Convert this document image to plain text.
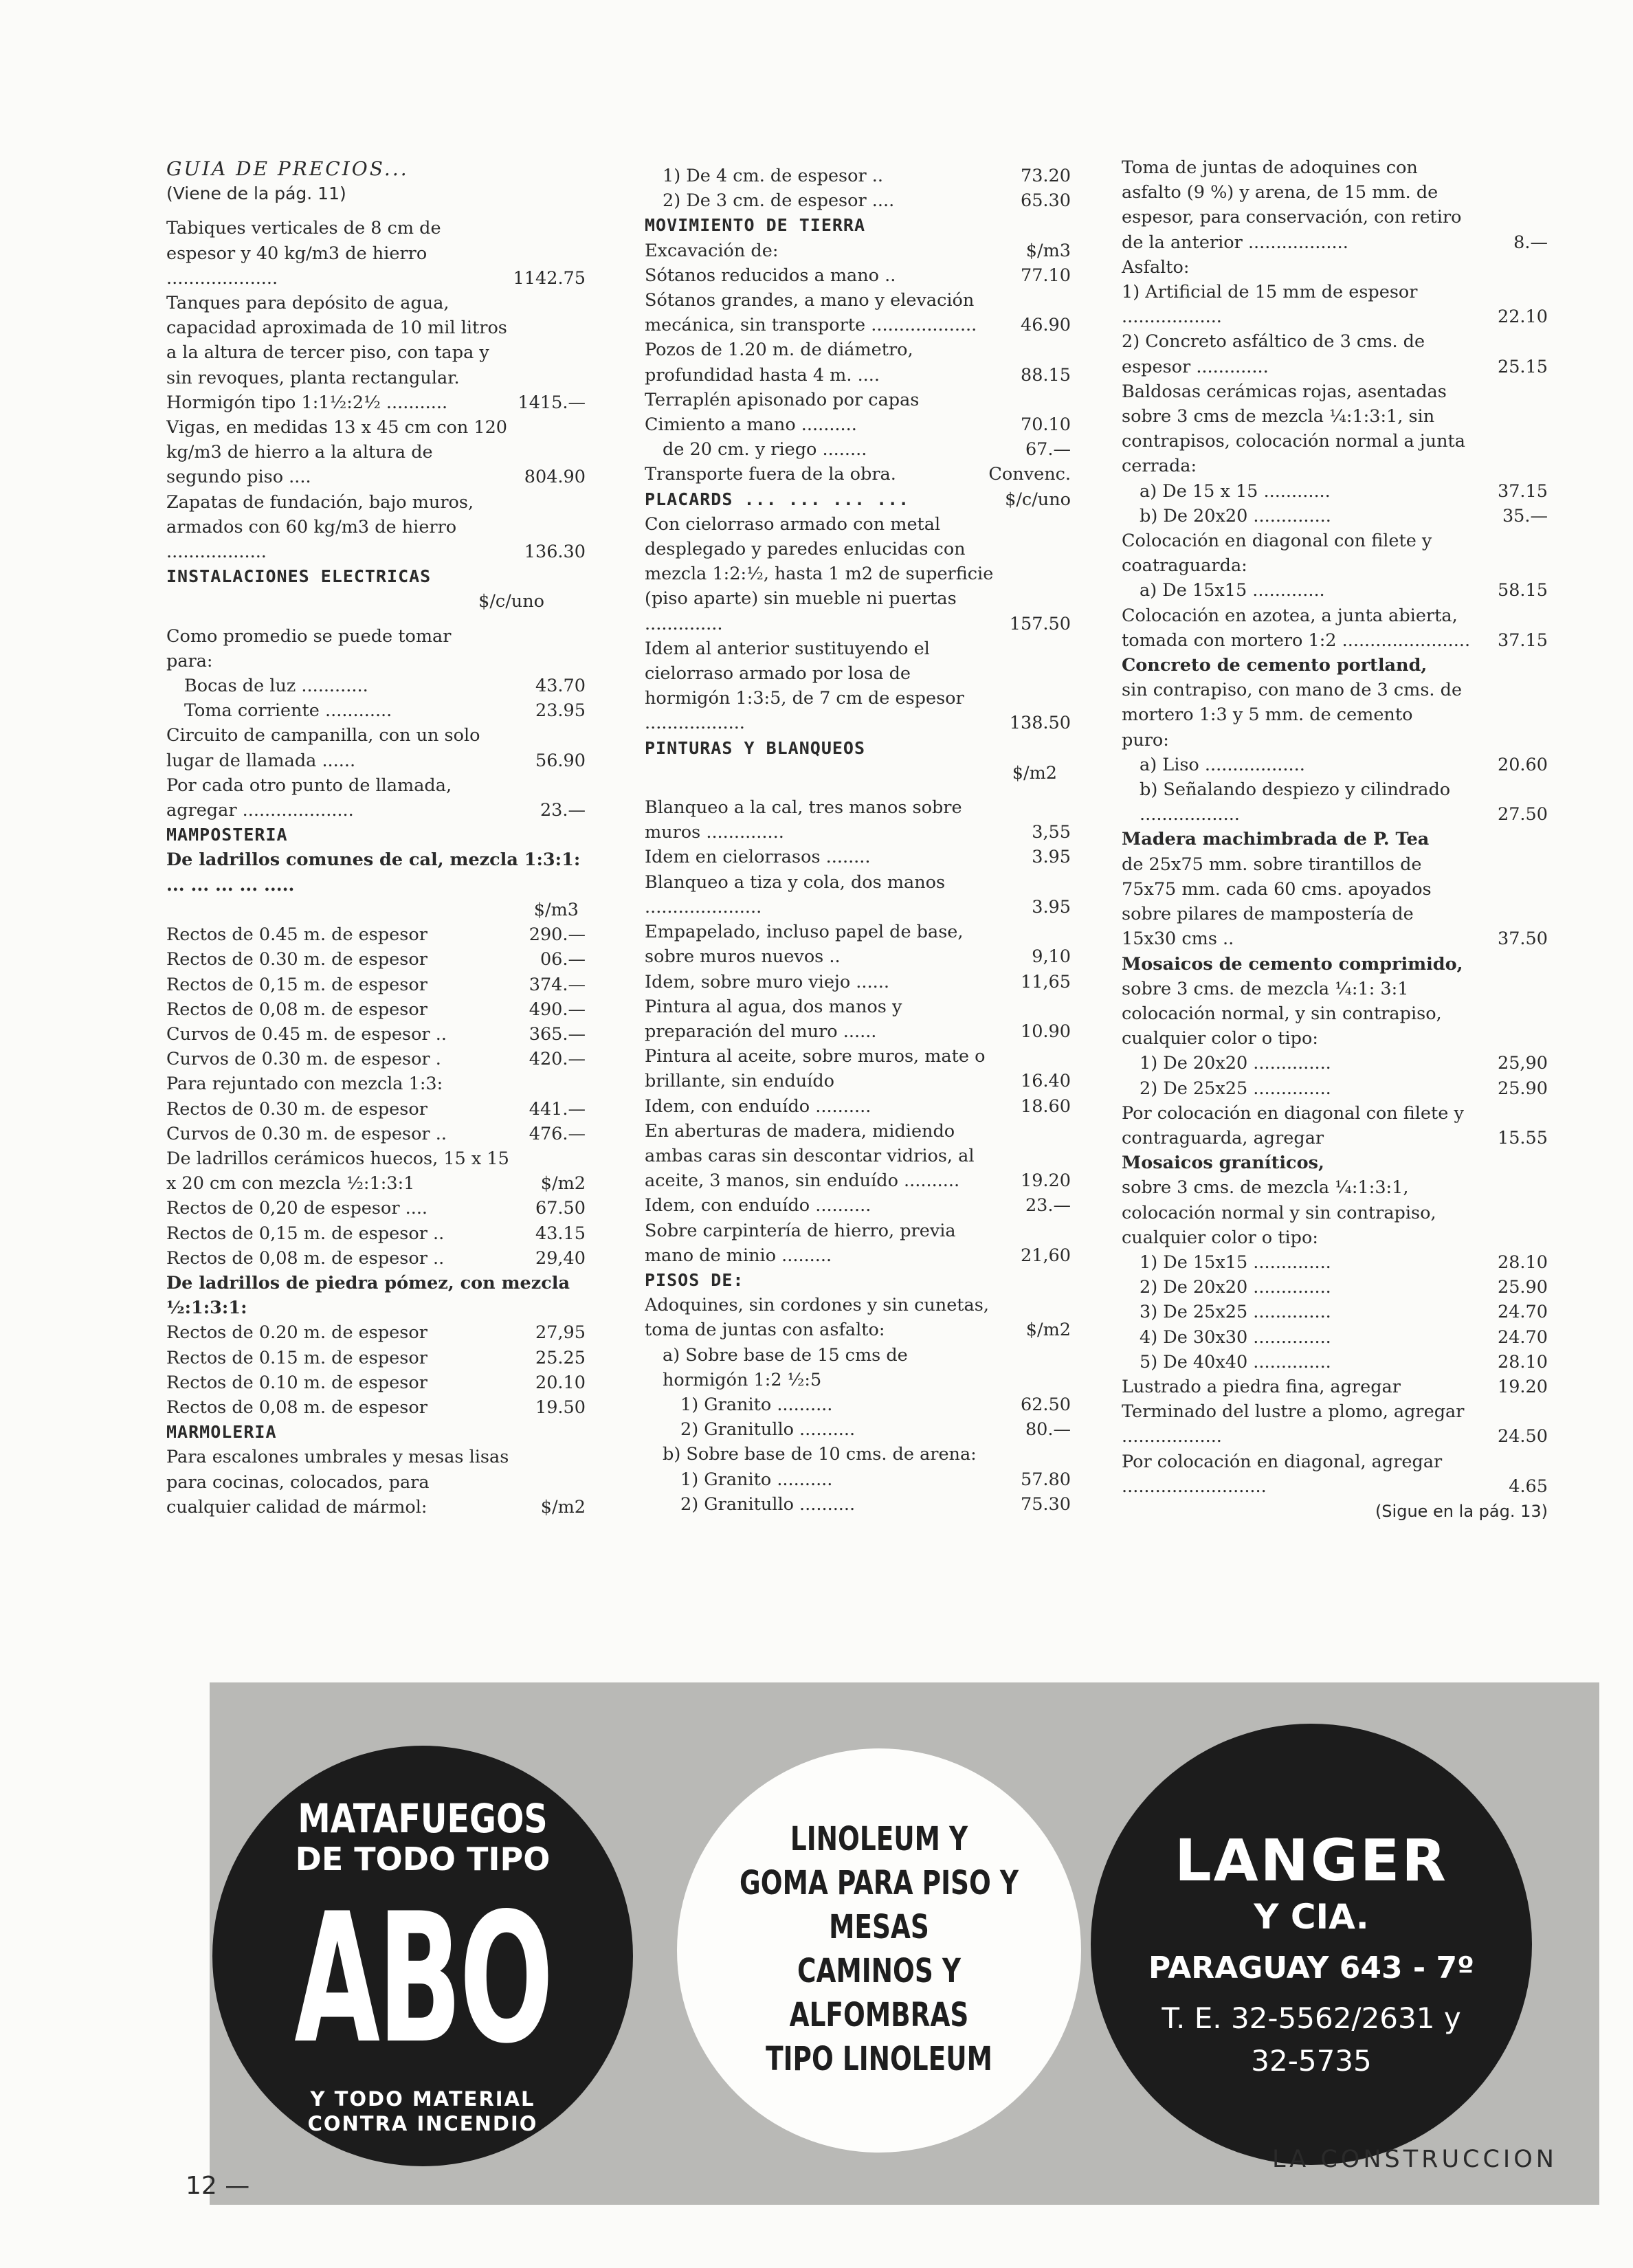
GUIA DE PRECIOS...
(Viene de la pág. 11)
Tabiques verticales de 8 cm de espesor y 40 kg/m3 de hierro ....................	1142.75
Tanques para depósito de agua, capacidad aproximada de 10 mil litros a la altura de tercer piso, con tapa y sin revoques, planta rectangular. Hormigón tipo 1:1½:2½ ...........	1415.—
Vigas, en medidas 13 x 45 cm con 120 kg/m3 de hierro a la altura de segundo piso ....	804.90
Zapatas de fundación, bajo muros, armados con 60 kg/m3 de hierro ..................	136.30
INSTALACIONES ELECTRICAS
$/c/uno
Como promedio se puede tomar para:
Bocas de luz ............	43.70
Toma corriente ............	23.95
Circuito de campanilla, con un solo lugar de llamada ......	56.90
Por cada otro punto de llamada, agregar ....................	23.—
MAMPOSTERIA
De ladrillos comunes de cal, mezcla 1:3:1: ... ... ... ... .....
$/m3
Rectos de 0.45 m. de espesor	290.—
Rectos de 0.30 m. de espesor	06.—
Rectos de 0,15 m. de espesor	374.—
Rectos de 0,08 m. de espesor	490.—
Curvos de 0.45 m. de espesor ..	365.—
Curvos de 0.30 m. de espesor .	420.—
Para rejuntado con mezcla 1:3:
Rectos de 0.30 m. de espesor	441.—
Curvos de 0.30 m. de espesor ..	476.—
De ladrillos cerámicos huecos, 15 x 15 x 20 cm con mezcla ½:1:3:1	$/m2
Rectos de 0,20 de espesor ....	67.50
Rectos de 0,15 m. de espesor ..	43.15
Rectos de 0,08 m. de espesor ..	29,40
De ladrillos de piedra pómez, con mezcla ½:1:3:1:
Rectos de 0.20 m. de espesor	27,95
Rectos de 0.15 m. de espesor	25.25
Rectos de 0.10 m. de espesor	20.10
Rectos de 0,08 m. de espesor	19.50
MARMOLERIA
Para escalones umbrales y mesas lisas para cocinas, colocados, para cualquier calidad de mármol:	$/m2
1) De 4 cm. de espesor ..	73.20
2) De 3 cm. de espesor ....	65.30
MOVIMIENTO DE TIERRA
Excavación de:	$/m3
Sótanos reducidos a mano ..	77.10
Sótanos grandes, a mano y elevación mecánica, sin transporte ...................	46.90
Pozos de 1.20 m. de diámetro, profundidad hasta 4 m. ....	88.15
Terraplén apisonado por capas
Cimiento a mano ..........	70.10
de 20 cm. y riego ........	67.—
Transporte fuera de la obra.	Convenc.
PLACARDS ... ... ... ...	$/c/uno
Con cielorraso armado con metal desplegado y paredes enlucidas con mezcla 1:2:½, hasta 1 m2 de superficie (piso aparte) sin mueble ni puertas ..............	157.50
Idem al anterior sustituyendo el cielorraso armado por losa de hormigón 1:3:5, de 7 cm de espesor ..................	138.50
PINTURAS Y BLANQUEOS
$/m2
Blanqueo a la cal, tres manos sobre muros ..............	3,55
Idem en cielorrasos ........	3.95
Blanqueo a tiza y cola, dos manos .....................	3.95
Empapelado, incluso papel de base, sobre muros nuevos ..	9,10
Idem, sobre muro viejo ......	11,65
Pintura al agua, dos manos y preparación del muro ......	10.90
Pintura al aceite, sobre muros, mate o brillante, sin enduído	16.40
Idem, con enduído ..........	18.60
En aberturas de madera, midiendo ambas caras sin descontar vidrios, al aceite, 3 manos, sin enduído ..........	19.20
Idem, con enduído ..........	23.—
Sobre carpintería de hierro, previa mano de minio .........	21,60
PISOS DE:
Adoquines, sin cordones y sin cunetas, toma de juntas con asfalto:	$/m2
a) Sobre base de 15 cms de hormigón 1:2 ½:5
1) Granito ..........	62.50
2) Granitullo ..........	80.—
b) Sobre base de 10 cms. de arena:
1) Granito ..........	57.80
2) Granitullo ..........	75.30
Toma de juntas de adoquines con asfalto (9 %) y arena, de 15 mm. de espesor, para conservación, con retiro de la anterior ..................	8.—
Asfalto:
1) Artificial de 15 mm de espesor ..................	22.10
2) Concreto asfáltico de 3 cms. de espesor .............	25.15
Baldosas cerámicas rojas, asentadas sobre 3 cms de mezcla ¼:1:3:1, sin contrapisos, colocación normal a junta cerrada:
a) De 15 x 15 ............	37.15
b) De 20x20 ..............	35.—
Colocación en diagonal con filete y coatraguarda:
a) De 15x15 .............	58.15
Colocación en azotea, a junta abierta, tomada con mortero 1:2 .......................	37.15
Concreto de cemento portland,
sin contrapiso, con mano de 3 cms. de mortero 1:3 y 5 mm. de cemento puro:
a) Liso ..................	20.60
b) Señalando despiezo y cilindrado ..................	27.50
Madera machimbrada de P. Tea
de 25x75 mm. sobre tirantillos de 75x75 mm. cada 60 cms. apoyados sobre pilares de mampostería de 15x30 cms ..	37.50
Mosaicos de cemento comprimido,
sobre 3 cms. de mezcla ¼:1: 3:1 colocación normal, y sin contrapiso, cualquier color o tipo:
1) De 20x20 ..............	25,90
2) De 25x25 ..............	25.90
Por colocación en diagonal con filete y contraguarda, agregar	15.55
Mosaicos graníticos,
sobre 3 cms. de mezcla ¼:1:3:1, colocación normal y sin contrapiso, cualquier color o tipo:
1) De 15x15 ..............	28.10
2) De 20x20 ..............	25.90
3) De 25x25 ..............	24.70
4) De 30x30 ..............	24.70
5) De 40x40 ..............	28.10
Lustrado a piedra fina, agregar	19.20
Terminado del lustre a plomo, agregar ..................	24.50
Por colocación en diagonal, agregar ..........................	4.65
(Sigue en la pág. 13)
MATAFUEGOS
DE TODO TIPO
ABO
Y TODO MATERIAL
CONTRA INCENDIO
LINOLEUM Y
GOMA PARA PISO Y
MESAS
CAMINOS Y
ALFOMBRAS
TIPO LINOLEUM
LANGER
Y CIA.
PARAGUAY 643 - 7º
T. E. 32-5562/2631 y
32-5735
12 —
LA CONSTRUCCION
